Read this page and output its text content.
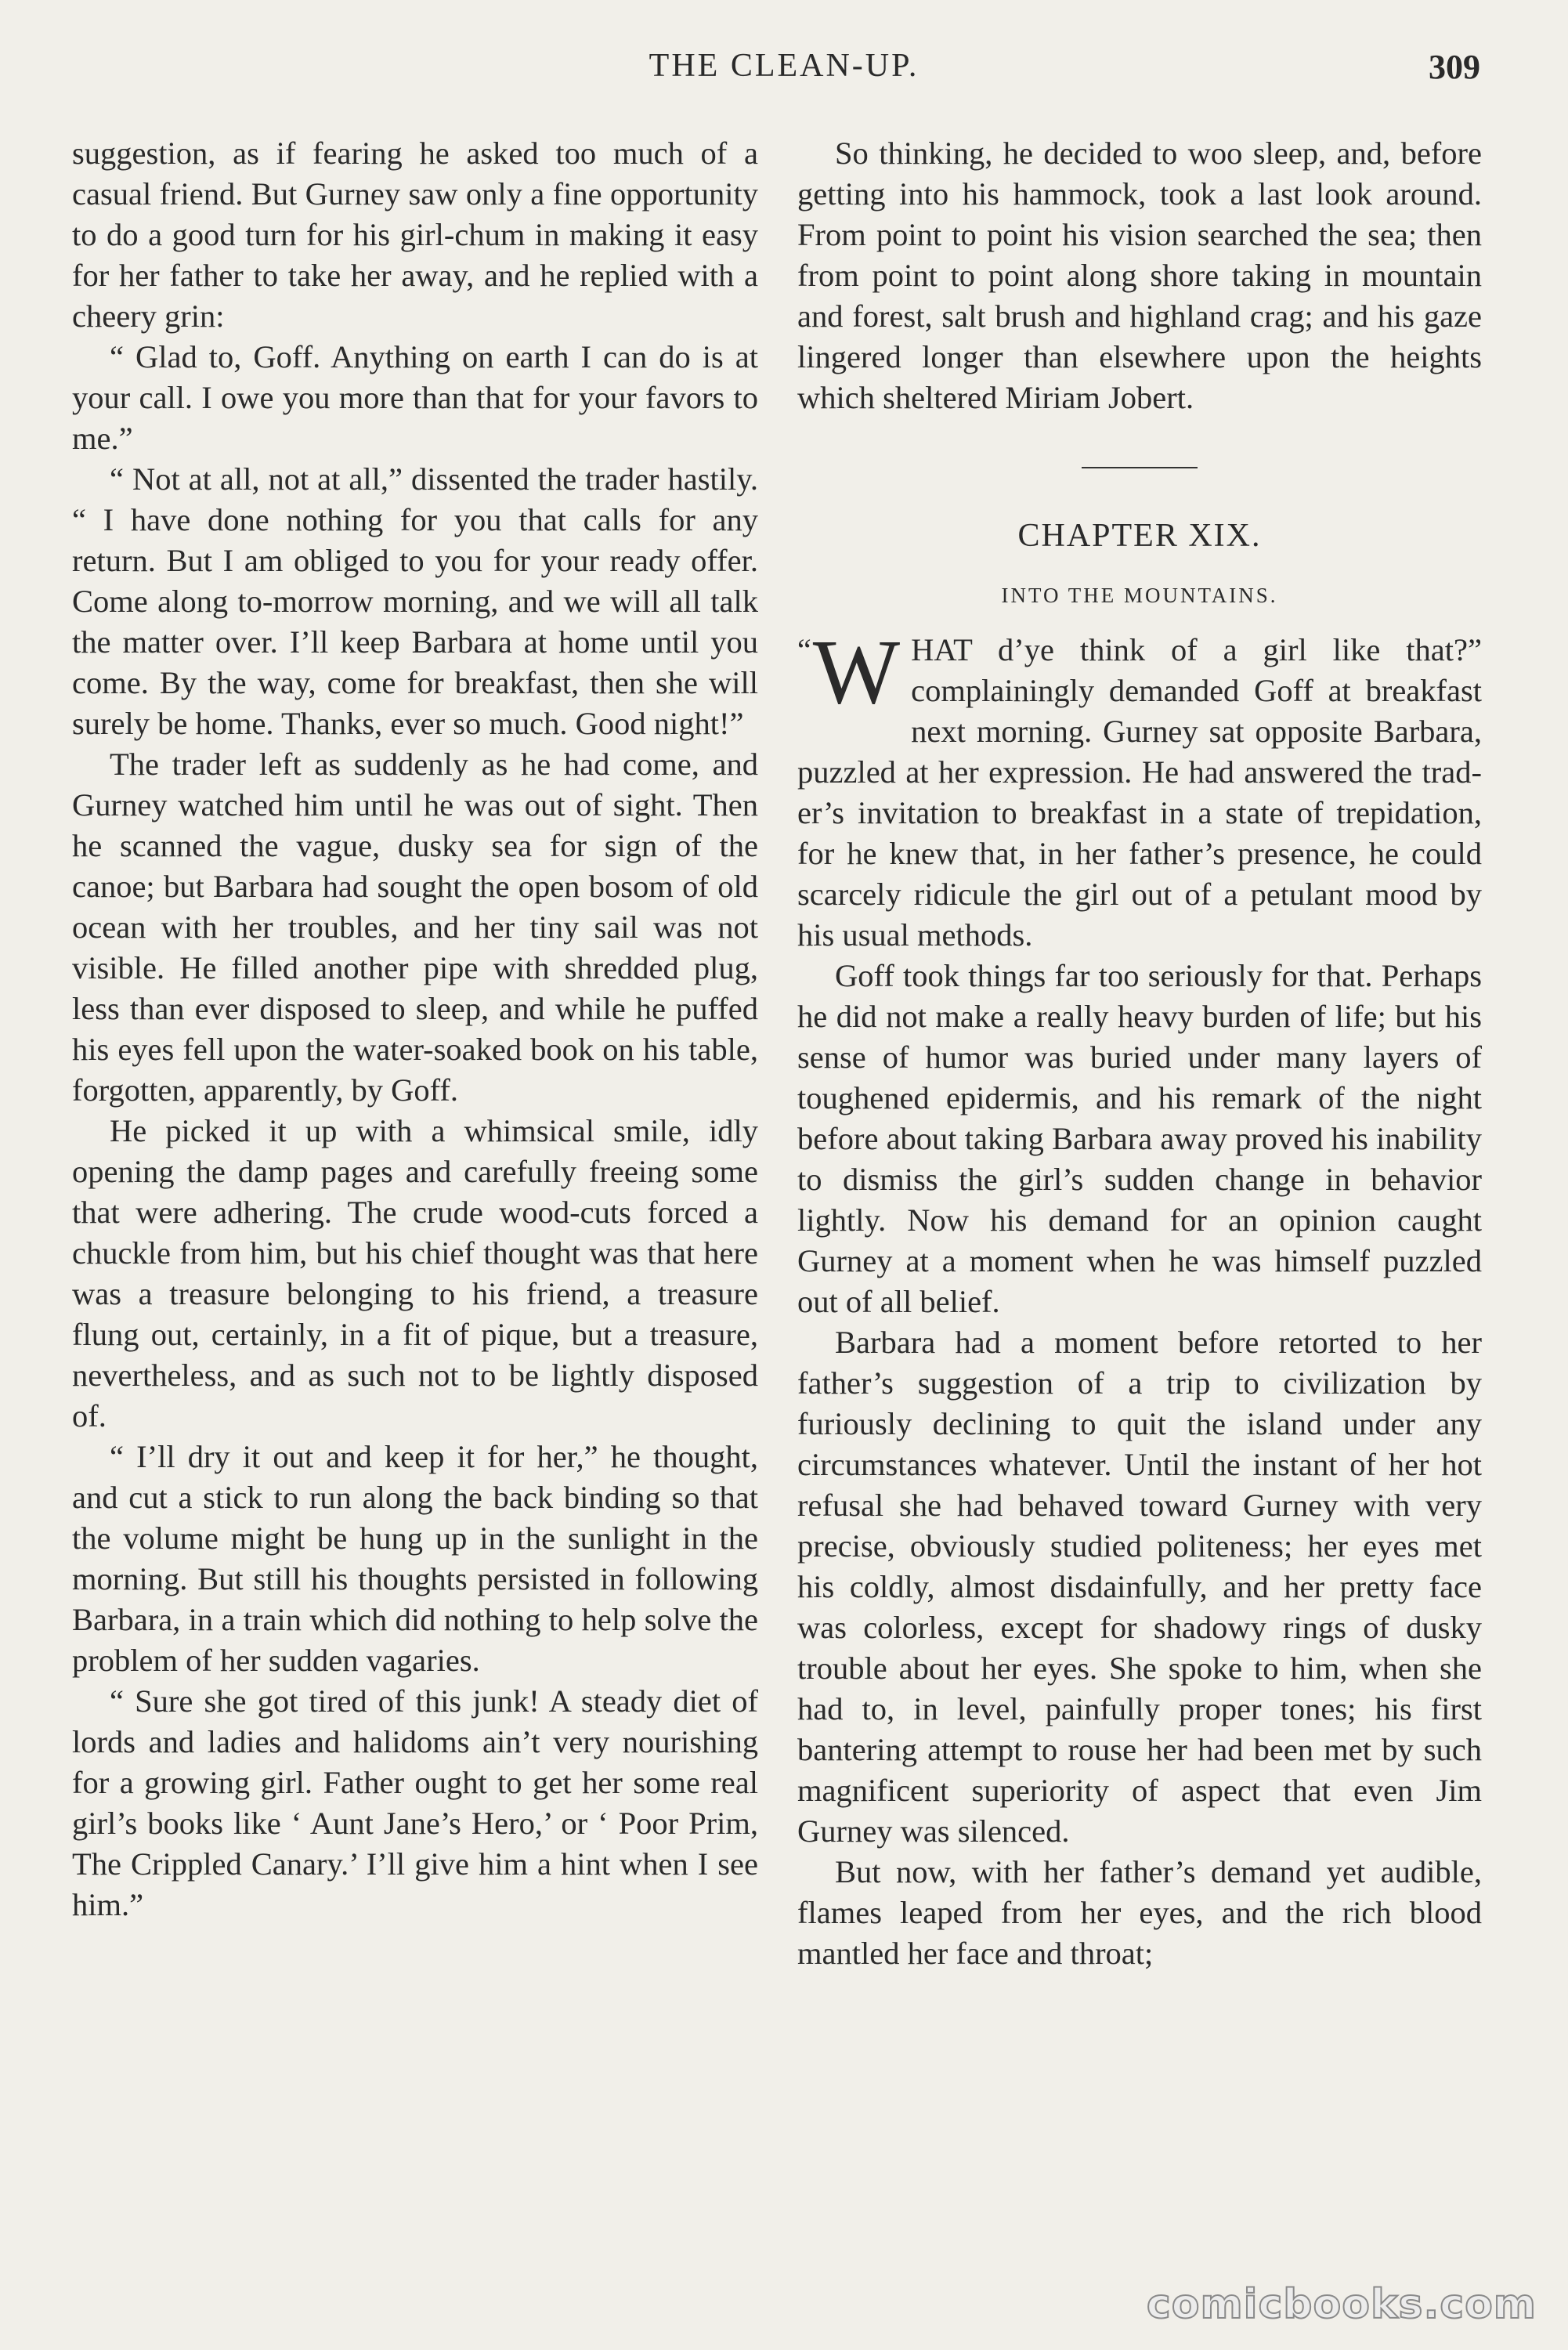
THE CLEAN-UP.	309

suggestion, as if fearing he asked too much of a casual friend. But Gurney saw only a fine opportunity to do a good turn for his girl-chum in making it easy for her father to take her away, and he replied with a cheery grin:

“ Glad to, Goff. Anything on earth I can do is at your call. I owe you more than that for your favors to me.”

“ Not at all, not at all,” dissented the trader hastily. “ I have done nothing for you that calls for any return. But I am obliged to you for your ready offer. Come along to-morrow morning, and we will all talk the matter over. I’ll keep Barbara at home until you come. By the way, come for breakfast, then she will surely be home. Thanks, ever so much. Good night!”

The trader left as suddenly as he had come, and Gurney watched him until he was out of sight. Then he scanned the vague, dusky sea for sign of the canoe; but Barbara had sought the open bosom of old ocean with her troubles, and her tiny sail was not visible. He filled another pipe with shredded plug, less than ever disposed to sleep, and while he puffed his eyes fell upon the water-soaked book on his table, forgotten, apparently, by Goff.

He picked it up with a whimsical smile, idly opening the damp pages and carefully freeing some that were adhering. The crude wood-cuts forced a chuckle from him, but his chief thought was that here was a treasure belonging to his friend, a treasure flung out, certainly, in a fit of pique, but a treasure, nevertheless, and as such not to be lightly disposed of.

“ I’ll dry it out and keep it for her,” he thought, and cut a stick to run along the back binding so that the volume might be hung up in the sunlight in the morning. But still his thoughts persisted in following Barbara, in a train which did nothing to help solve the problem of her sudden vagaries.

“ Sure she got tired of this junk! A steady diet of lords and ladies and halidoms ain’t very nourishing for a growing girl. Father ought to get her some real girl’s books like ‘ Aunt Jane’s Hero,’ or ‘ Poor Prim, The Crippled Canary.’ I’ll give him a hint when I see him.”

So thinking, he decided to woo sleep, and, before getting into his hammock, took a last look around. From point to point his vision searched the sea; then from point to point along shore taking in mountain and forest, salt brush and highland crag; and his gaze lingered longer than elsewhere upon the heights which sheltered Miriam Jobert.

CHAPTER XIX.
INTO THE MOUNTAINS.

“ W HAT d’ye think of a girl like that?” complainingly demanded Goff at breakfast next morning. Gurney sat opposite Barbara, puzzled at her expression. He had answered the trader’s invitation to breakfast in a state of trepidation, for he knew that, in her father’s presence, he could scarcely ridicule the girl out of a petulant mood by his usual methods.

Goff took things far too seriously for that. Perhaps he did not make a really heavy burden of life; but his sense of humor was buried under many layers of toughened epidermis, and his remark of the night before about taking Barbara away proved his inability to dismiss the girl’s sudden change in behavior lightly. Now his demand for an opinion caught Gurney at a moment when he was himself puzzled out of all belief.

Barbara had a moment before retorted to her father’s suggestion of a trip to civilization by furiously declining to quit the island under any circumstances whatever. Until the instant of her hot refusal she had behaved toward Gurney with very precise, obviously studied politeness; her eyes met his coldly, almost disdainfully, and her pretty face was colorless, except for shadowy rings of dusky trouble about her eyes. She spoke to him, when she had to, in level, painfully proper tones; his first bantering attempt to rouse her had been met by such magnificent superiority of aspect that even Jim Gurney was silenced.

But now, with her father’s demand yet audible, flames leaped from her eyes, and the rich blood mantled her face and throat;

comicbooks.com
